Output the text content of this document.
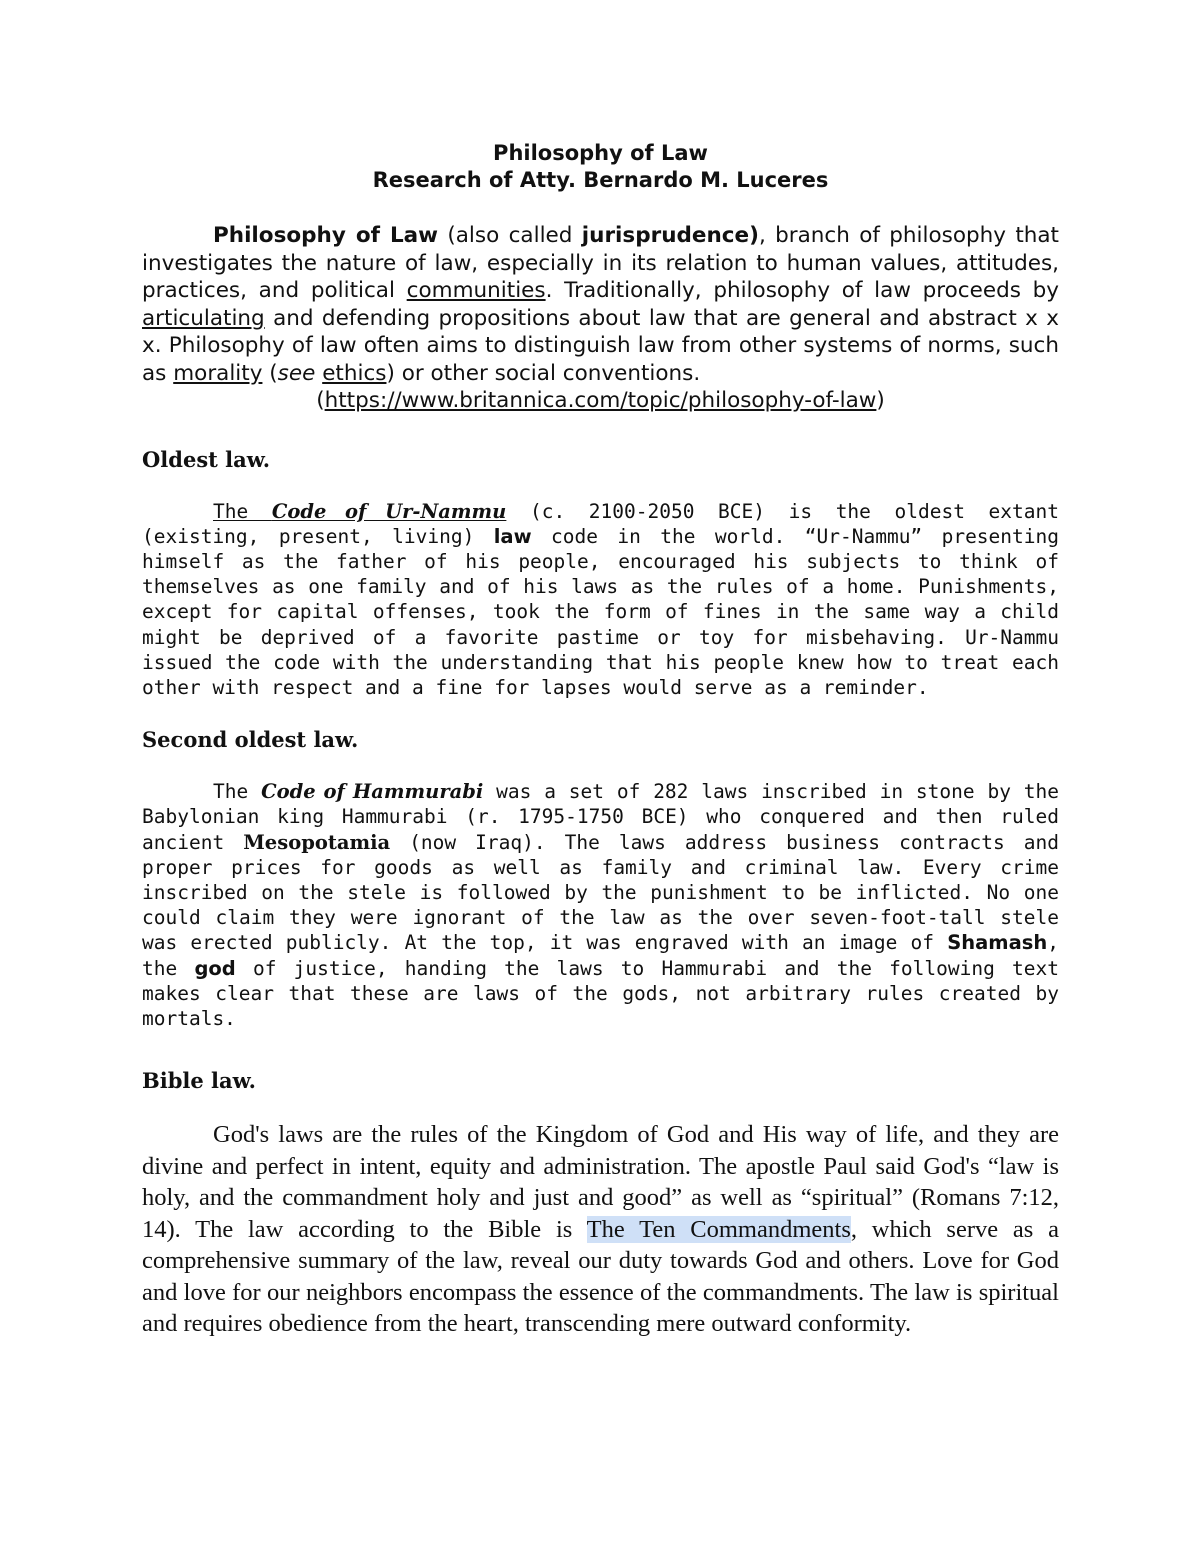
Philosophy of Law

Research of Atty. Bernardo M. Luceres

Philosophy of Law (also called jurisprudence), branch of philosophy that investigates the nature of law, especially in its relation to human values, attitudes, practices, and political communities. Traditionally, philosophy of law proceeds by articulating and defending propositions about law that are general and abstract x x x. Philosophy of law often aims to distinguish law from other systems of norms, such as morality (see ethics) or other social conventions.

(https://www.britannica.com/topic/philosophy-of-law)

Oldest law.

The Code of Ur-Nammu (c. 2100-2050 BCE) is the oldest extant (existing, present, living) law code in the world. “Ur-Nammu” presenting himself as the father of his people, encouraged his subjects to think of themselves as one family and of his laws as the rules of a home. Punishments, except for capital offenses, took the form of fines in the same way a child might be deprived of a favorite pastime or toy for misbehaving. Ur-Nammu issued the code with the understanding that his people knew how to treat each other with respect and a fine for lapses would serve as a reminder.

Second oldest law.

The Code of Hammurabi was a set of 282 laws inscribed in stone by the Babylonian king Hammurabi (r. 1795-1750 BCE) who conquered and then ruled ancient Mesopotamia (now Iraq). The laws address business contracts and proper prices for goods as well as family and criminal law. Every crime inscribed on the stele is followed by the punishment to be inflicted. No one could claim they were ignorant of the law as the over seven-foot-tall stele was erected publicly. At the top, it was engraved with an image of Shamash, the god of justice, handing the laws to Hammurabi and the following text makes clear that these are laws of the gods, not arbitrary rules created by mortals.

Bible law.

God's laws are the rules of the Kingdom of God and His way of life, and they are divine and perfect in intent, equity and administration. The apostle Paul said God's “law is holy, and the commandment holy and just and good” as well as “spiritual” (Romans 7:12, 14). The law according to the Bible is The Ten Commandments, which serve as a comprehensive summary of the law, reveal our duty towards God and others. Love for God and love for our neighbors encompass the essence of the commandments. The law is spiritual and requires obedience from the heart, transcending mere outward conformity.
